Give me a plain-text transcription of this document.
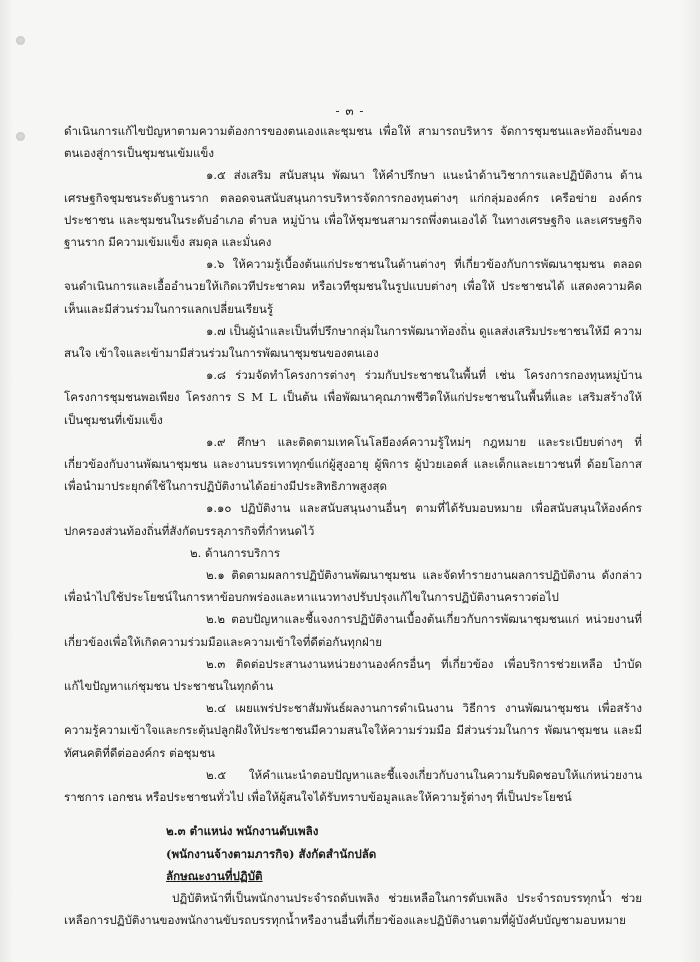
- ๓ -

ดำเนินการแก้ไขปัญหาตามความต้องการของตนเองและชุมชน เพื่อให้ สามารถบริหาร จัดการชุมชนและท้องถิ่นของตนเองสู่การเป็นชุมชนเข้มแข็ง

๑.๕ ส่งเสริม สนับสนุน พัฒนา ให้คำปรึกษา แนะนำด้านวิชาการและปฏิบัติงาน ด้านเศรษฐกิจชุมชนระดับฐานราก ตลอดจนสนับสนุนการบริหารจัดการกองทุนต่างๆ แก่กลุ่มองค์กร เครือข่าย องค์กรประชาชน และชุมชนในระดับอำเภอ ตำบล หมู่บ้าน เพื่อให้ชุมชนสามารถพึ่งตนเองได้ ในทางเศรษฐกิจ และเศรษฐกิจฐานราก มีความเข้มแข็ง สมดุล และมั่นคง

๑.๖ ให้ความรู้เบื้องต้นแก่ประชาชนในด้านต่างๆ ที่เกี่ยวข้องกับการพัฒนาชุมชน ตลอดจนดำเนินการและเอื้ออำนวยให้เกิดเวทีประชาคม หรือเวทีชุมชนในรูปแบบต่างๆ เพื่อให้ ประชาชนได้ แสดงความคิดเห็นและมีส่วนร่วมในการแลกเปลี่ยนเรียนรู้

๑.๗ เป็นผู้นำและเป็นที่ปรึกษากลุ่มในการพัฒนาท้องถิ่น ดูแลส่งเสริมประชาชนให้มี ความสนใจ เข้าใจและเข้ามามีส่วนร่วมในการพัฒนาชุมชนของตนเอง

๑.๘ ร่วมจัดทำโครงการต่างๆ ร่วมกับประชาชนในพื้นที่ เช่น โครงการกองทุนหมู่บ้าน โครงการชุมชนพอเพียง โครงการ S M L เป็นต้น เพื่อพัฒนาคุณภาพชีวิตให้แก่ประชาชนในพื้นที่และ เสริมสร้างให้เป็นชุมชนที่เข้มแข็ง

๑.๙ ศึกษา และติดตามเทคโนโลยีองค์ความรู้ใหม่ๆ กฎหมาย และระเบียบต่างๆ ที่เกี่ยวข้องกับงานพัฒนาชุมชน และงานบรรเทาทุกข์แก่ผู้สูงอายุ ผู้พิการ ผู้ป่วยเอดส์ และเด็กและเยาวชนที่ ด้อยโอกาส เพื่อนำมาประยุกต์ใช้ในการปฏิบัติงานได้อย่างมีประสิทธิภาพสูงสุด

๑.๑๐ ปฏิบัติงาน และสนับสนุนงานอื่นๆ ตามที่ได้รับมอบหมาย เพื่อสนับสนุนให้องค์กรปกครองส่วนท้องถิ่นที่สังกัดบรรลุภารกิจที่กำหนดไว้

๒. ด้านการบริการ

๒.๑ ติดตามผลการปฏิบัติงานพัฒนาชุมชน และจัดทำรายงานผลการปฏิบัติงาน ดังกล่าว เพื่อนำไปใช้ประโยชน์ในการหาข้อบกพร่องและหาแนวทางปรับปรุงแก้ไขในการปฏิบัติงานคราวต่อไป

๒.๒ ตอบปัญหาและชี้แจงการปฏิบัติงานเบื้องต้นเกี่ยวกับการพัฒนาชุมชนแก่ หน่วยงานที่เกี่ยวข้องเพื่อให้เกิดความร่วมมือและความเข้าใจที่ดีต่อกันทุกฝ่าย

๒.๓ ติดต่อประสานงานหน่วยงานองค์กรอื่นๆ ที่เกี่ยวข้อง เพื่อบริการช่วยเหลือ บำบัดแก้ไขปัญหาแก่ชุมชน ประชาชนในทุกด้าน

๒.๔ เผยแพร่ประชาสัมพันธ์ผลงานการดำเนินงาน วิธีการ งานพัฒนาชุมชน เพื่อสร้างความรู้ความเข้าใจและกระตุ้นปลูกฝังให้ประชาชนมีความสนใจให้ความร่วมมือ มีส่วนร่วมในการ พัฒนาชุมชน และมีทัศนคติที่ดีต่อองค์กร ต่อชุมชน

๒.๕ ให้คำแนะนำตอบปัญหาและชี้แจงเกี่ยวกับงานในความรับผิดชอบให้แก่หน่วยงานราชการ เอกชน หรือประชาชนทั่วไป เพื่อให้ผู้สนใจได้รับทราบข้อมูลและให้ความรู้ต่างๆ ที่เป็นประโยชน์

๒.๓ ตำแหน่ง พนักงานดับเพลิง

(พนักงานจ้างตามภารกิจ) สังกัดสำนักปลัด

ลักษณะงานที่ปฏิบัติ

ปฏิบัติหน้าที่เป็นพนักงานประจำรถดับเพลิง ช่วยเหลือในการดับเพลิง ประจำรถบรรทุกน้ำ ช่วยเหลือการปฏิบัติงานของพนักงานขับรถบรรทุกน้ำหรืองานอื่นที่เกี่ยวข้องและปฏิบัติงานตามที่ผู้บังคับบัญชามอบหมาย
